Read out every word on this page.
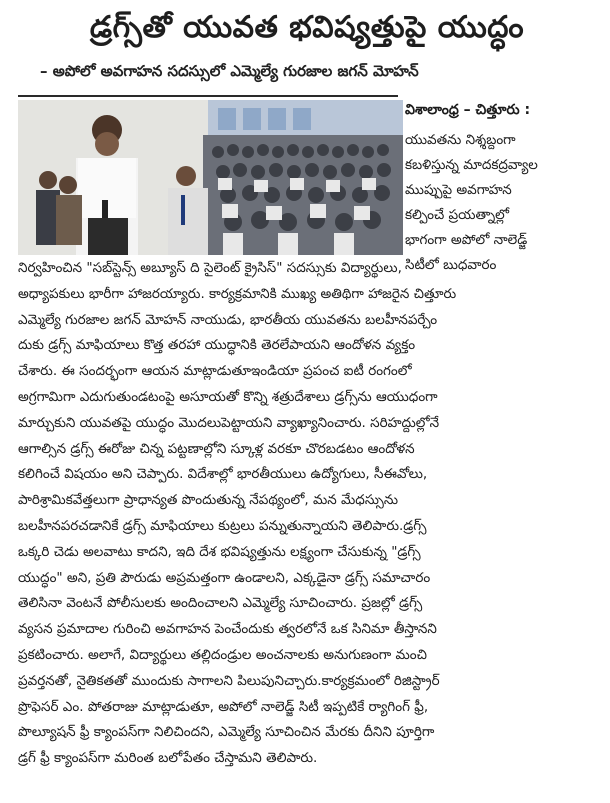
డ్రగ్స్‌తో యువత భవిష్యత్తుపై యుద్ధం
– అపోలో అవగాహన సదస్సులో ఎమ్మెల్యే గురజాల జగన్ మోహన్
విశాలాంధ్ర – చిత్తూరు :
యువతను నిశ్శబ్దంగా
కబళిస్తున్న మాదకద్రవ్యాల
ముప్పుపై అవగాహన
కల్పించే ప్రయత్నాల్లో
భాగంగా అపోలో నాలెడ్జ్
సిటీలో బుధవారం
నిర్వహించిన "సబ్‌స్టెన్స్ అబ్యూస్ ది సైలెంట్ క్రైసిస్" సదస్సుకు విద్యార్థులు,
అధ్యాపకులు భారీగా హాజరయ్యారు. కార్యక్రమానికి ముఖ్య అతిథిగా హాజరైన చిత్తూరు
ఎమ్మెల్యే గురజాల జగన్ మోహన్ నాయుడు, భారతీయ యువతను బలహీనపర్చేం
దుకు డ్రగ్స్ మాఫియాలు కొత్త తరహా యుద్ధానికి తెరలేపాయని ఆందోళన వ్యక్తం
చేశారు. ఈ సందర్భంగా ఆయన మాట్లాడుతూఇండియా ప్రపంచ ఐటీ రంగంలో
అగ్రగామిగా ఎదుగుతుండటంపై అసూయతో కొన్ని శత్రుదేశాలు డ్రగ్స్‌ను ఆయుధంగా
మార్చుకుని యువతపై యుద్ధం మొదలుపెట్టాయని వ్యాఖ్యానించారు. సరిహద్దుల్లోనే
ఆగాల్సిన డ్రగ్స్ ఈరోజు చిన్న పట్టణాల్లోని స్కూళ్ల వరకూ చొరబడటం ఆందోళన
కలిగించే విషయం అని చెప్పారు. విదేశాల్లో భారతీయులు ఉద్యోగులు, సీఈవోలు,
పారిశ్రామికవేత్తలుగా ప్రాధాన్యత పొందుతున్న నేపథ్యంలో, మన మేధస్సును
బలహీనపరచడానికే డ్రగ్స్ మాఫియాలు కుట్రలు పన్నుతున్నాయని తెలిపారు.డ్రగ్స్
ఒక్కరి చెడు అలవాటు కాదని, ఇది దేశ భవిష్యత్తును లక్ష్యంగా చేసుకున్న "డ్రగ్స్
యుద్ధం" అని, ప్రతి పౌరుడు అప్రమత్తంగా ఉండాలని, ఎక్కడైనా డ్రగ్స్ సమాచారం
తెలిసినా వెంటనే పోలీసులకు అందించాలని ఎమ్మెల్యే సూచించారు. ప్రజల్లో డ్రగ్స్
వ్యసన ప్రమాదాల గురించి అవగాహన పెంచేందుకు త్వరలోనే ఒక సినిమా తీస్తానని
ప్రకటించారు. అలాగే, విద్యార్థులు తల్లిదండ్రుల అంచనాలకు అనుగుణంగా మంచి
ప్రవర్తనతో, నైతికతతో ముందుకు సాగాలని పిలుపునిచ్చారు.కార్యక్రమంలో రిజిస్ట్రార్
ప్రొఫెసర్ ఎం. పోతరాజు మాట్లాడుతూ, అపోలో నాలెడ్జ్ సిటీ ఇప్పటికే ర్యాగింగ్ ఫ్రీ,
పొల్యూషన్ ఫ్రీ క్యాంపస్‌గా నిలిచిందని, ఎమ్మెల్యే సూచించిన మేరకు దీనిని పూర్తిగా
డ్రగ్ ఫ్రీ క్యాంపస్‌గా మరింత బలోపేతం చేస్తామని తెలిపారు.
